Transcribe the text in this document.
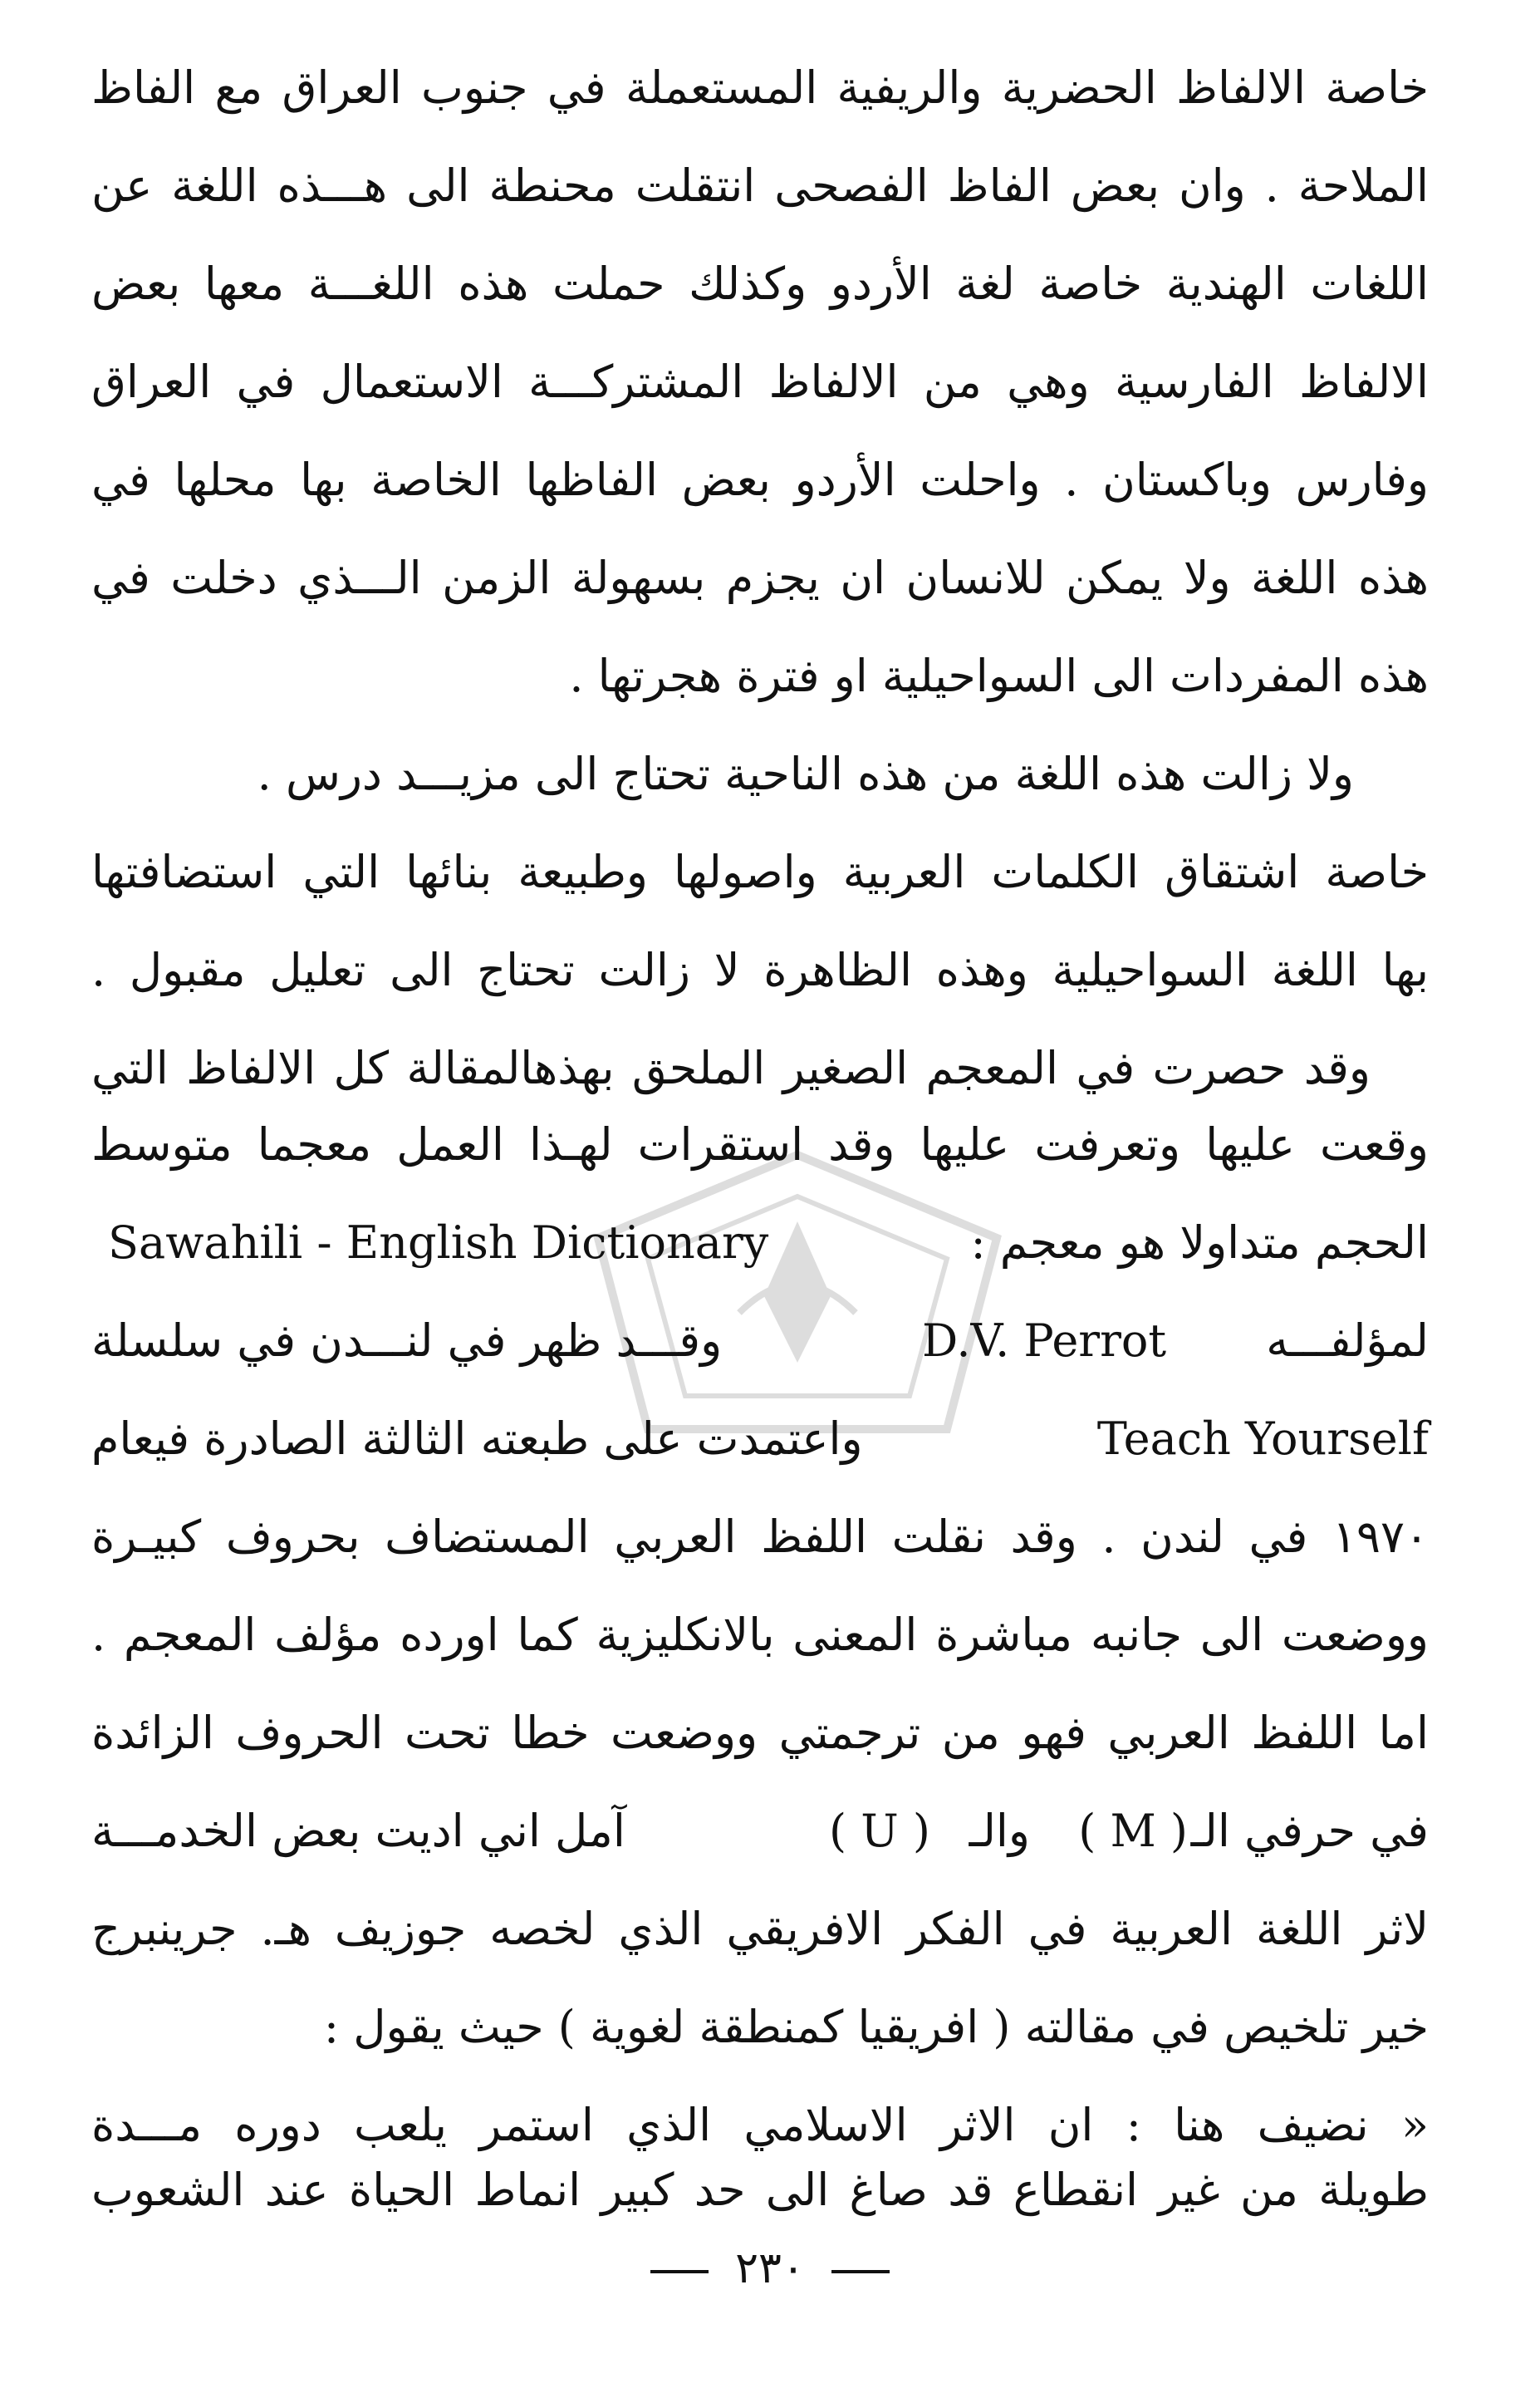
خاصة الالفاظ الحضرية والريفية المستعملة في جنوب العراق مع الفاظ
الملاحة . وان بعض الفاظ الفصحى انتقلت محنطة الى هـــذه اللغة عن
اللغات الهندية خاصة لغة الأردو وكذلك حملت هذه اللغـــة معها بعض
الالفاظ الفارسية وهي من الالفاظ المشتركـــة الاستعمال في العراق
وفارس وباكستان . واحلت الأردو بعض الفاظها الخاصة بها محلها في
هذه اللغة ولا يمكن للانسان ان يجزم بسهولة الزمن الـــذي دخلت في
هذه المفردات الى السواحيلية او فترة هجرتها .
ولا زالت هذه اللغة من هذه الناحية تحتاج الى مزيـــد درس .
خاصة اشتقاق الكلمات العربية واصولها وطبيعة بنائها التي استضافتها
بها اللغة السواحيلية وهذه الظاهرة لا زالت تحتاج الى تعليل مقبول .
وقد حصرت في المعجم الصغير الملحق بهذهالمقالة كل الالفاظ التي
وقعت عليها وتعرفت عليها وقد استقرات لهـذا العمل معجما متوسط
الحجم متداولا هو معجم :
Sawahili - English Dictionary
لمؤلفـــه
D.V. Perrot
وقـــد ظهر في لنـــدن في سلسلة
واعتمدت على طبعته الثالثة الصادرة فيعام	Teach Yourself
١٩٧٠ في لندن . وقد نقلت اللفظ العربي المستضاف بحروف كبيـرة
ووضعت الى جانبه مباشرة المعنى بالانكليزية كما اورده مؤلف المعجم .
اما اللفظ العربي فهو من ترجمتي ووضعت خطا تحت الحروف الزائدة
في حرفي الـ
( M )
والـ
( U )
آمل اني اديت بعض الخدمـــة
لاثر اللغة العربية في الفكر الافريقي الذي لخصه جوزيف هـ. جرينبرج
خير تلخيص في مقالته ( افريقيا كمنطقة لغوية ) حيث يقول :
« نضيف هنا : ان الاثر الاسلامي الذي استمر يلعب دوره مـــدة
طويلة من غير انقطاع قد صاغ الى حد كبير انماط الحياة عند الشعوب
٢٣٠
